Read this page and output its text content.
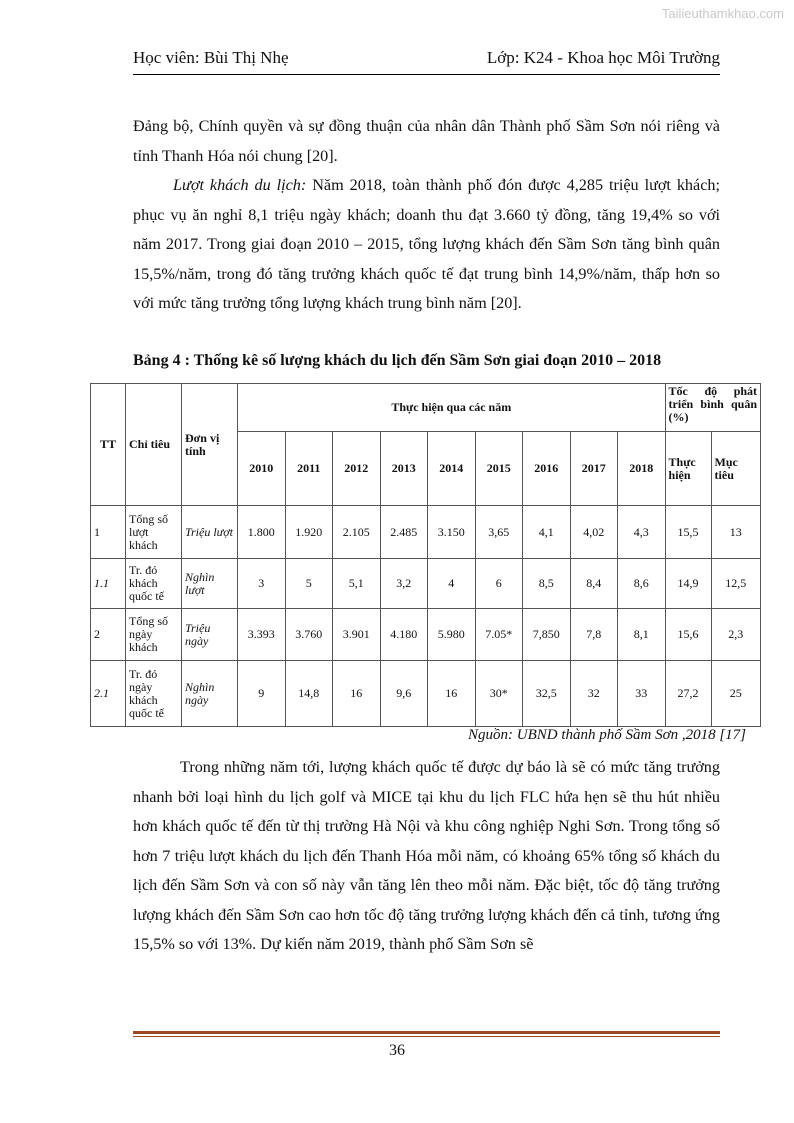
Tailieuthamkhao.com
Học viên: Bùi Thị Nhẹ	Lớp: K24 - Khoa học Môi Trường
Đảng bộ, Chính quyền và sự đồng thuận của nhân dân Thành phố Sầm Sơn nói riêng và tỉnh Thanh Hóa nói chung [20].
Lượt khách du lịch: Năm 2018, toàn thành phố đón được 4,285 triệu lượt khách; phục vụ ăn nghỉ 8,1 triệu ngày khách; doanh thu đạt 3.660 tỷ đồng, tăng 19,4% so với năm 2017. Trong giai đoạn 2010 – 2015, tổng lượng khách đến Sầm Sơn tăng bình quân 15,5%/năm, trong đó tăng trưởng khách quốc tế đạt trung bình 14,9%/năm, thấp hơn so với mức tăng trưởng tổng lượng khách trung bình năm [20].
Bảng 4 : Thống kê số lượng khách du lịch đến Sầm Sơn giai đoạn 2010 – 2018
TT	Chỉ tiêu	Đơn vị tính	Thực hiện qua các năm									Tốc độ phát triển bình quân (%)	
			2010	2011	2012	2013	2014	2015	2016	2017	2018	Thực hiện	Mục tiêu
1	Tổng số lượt khách	Triệu lượt	1.800	1.920	2.105	2.485	3.150	3,65	4,1	4,02	4,3	15,5	13
1.1	Tr. đó khách quốc tế	Nghìn lượt	3	5	5,1	3,2	4	6	8,5	8,4	8,6	14,9	12,5
2	Tổng số ngày khách	Triệu ngày	3.393	3.760	3.901	4.180	5.980	7.05*	7,850	7,8	8,1	15,6	2,3
2.1	Tr. đó ngày khách quốc tế	Nghìn ngày	9	14,8	16	9,6	16	30*	32,5	32	33	27,2	25
Nguồn: UBND thành phố Sầm Sơn ,2018 [17]
Trong những năm tới, lượng khách quốc tế được dự báo là sẽ có mức tăng trưởng nhanh bởi loại hình du lịch golf và MICE tại khu du lịch FLC hứa hẹn sẽ thu hút nhiều hơn khách quốc tế đến từ thị trường Hà Nội và khu công nghiệp Nghi Sơn. Trong tổng số hơn 7 triệu lượt khách du lịch đến Thanh Hóa mỗi năm, có khoảng 65% tổng số khách du lịch đến Sầm Sơn và con số này vẫn tăng lên theo mỗi năm. Đặc biệt, tốc độ tăng trưởng lượng khách đến Sầm Sơn cao hơn tốc độ tăng trưởng lượng khách đến cả tỉnh, tương ứng 15,5% so với 13%. Dự kiến năm 2019, thành phố Sầm Sơn sẽ
36
